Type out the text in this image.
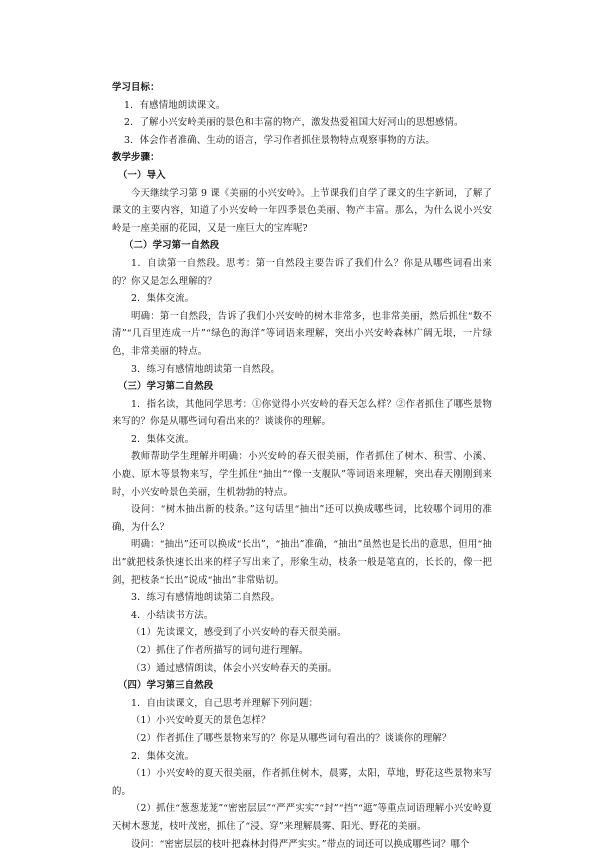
学习目标：

1．有感情地朗读课文。

2．了解小兴安岭美丽的景色和丰富的物产，激发热爱祖国大好河山的思想感情。

3．体会作者准确、生动的语言，学习作者抓住景物特点观察事物的方法。

教学步骤：

（一）导入

今天继续学习第 9 课《美丽的小兴安岭》。上节课我们自学了课文的生字新词，了解了课文的主要内容，知道了小兴安岭一年四季景色美丽、物产丰富。那么，为什么说小兴安岭是一座美丽的花园，又是一座巨大的宝库呢?

（二）学习第一自然段

1．自读第一自然段。思考：第一自然段主要告诉了我们什么？你是从哪些词看出来的？你又是怎么理解的？

2．集体交流。

明确：第一自然段，告诉了我们小兴安岭的树木非常多，也非常美丽，然后抓住“数不清”“几百里连成一片”“绿色的海洋”等词语来理解，突出小兴安岭森林广阔无垠，一片绿色，非常美丽的特点。

3．练习有感情地朗读第一自然段。

（三）学习第二自然段

1．指名读，其他同学思考：①你觉得小兴安岭的春天怎么样？②作者抓住了哪些景物来写的？你是从哪些词句看出来的？谈谈你的理解。

2．集体交流。

教师帮助学生理解并明确：小兴安岭的春天很美丽，作者抓住了树木、积雪、小溪、小鹿、原木等景物来写，学生抓住“抽出”“像一支舰队”等词语来理解，突出春天刚刚到来时，小兴安岭景色美丽，生机勃勃的特点。

设问：“树木抽出新的枝条。”这句话里“抽出”还可以换成哪些词，比较哪个词用的准确，为什么？

明确：“抽出”还可以换成“长出”，“抽出”准确，“抽出”虽然也是长出的意思，但用“抽出”就把枝条快速长出来的样子写出来了，形象生动，枝条一般是笔直的，长长的，像一把剑，把枝条“长出”说成“抽出”非常贴切。

3．练习有感情地朗读第二自然段。

4．小结读书方法。

（1）先读课文，感受到了小兴安岭的春天很美丽。

（2）抓住了作者所描写的词句进行理解。

（3）通过感情朗读，体会小兴安岭春天的美丽。

（四）学习第三自然段

1．自由读课文，自己思考并理解下列问题：

（1）小兴安岭夏天的景色怎样？

（2）作者抓住了哪些景物来写的？你是从哪些词句看出的？谈谈你的理解？

2．集体交流。

（1）小兴安岭的夏天很美丽，作者抓住树木，晨雾，太阳，草地，野花这些景物来写的。

（2）抓住“葱葱茏茏”“密密层层”“严严实实”“封”“挡”“遮”等重点词语理解小兴安岭夏天树木葱茏，枝叶茂密，抓住了“浸、穿”来理解晨雾、阳光、野花的美丽。

设问：“密密层层的枝叶把森林封得严严实实。”带点的词还可以换成哪些词？哪个
